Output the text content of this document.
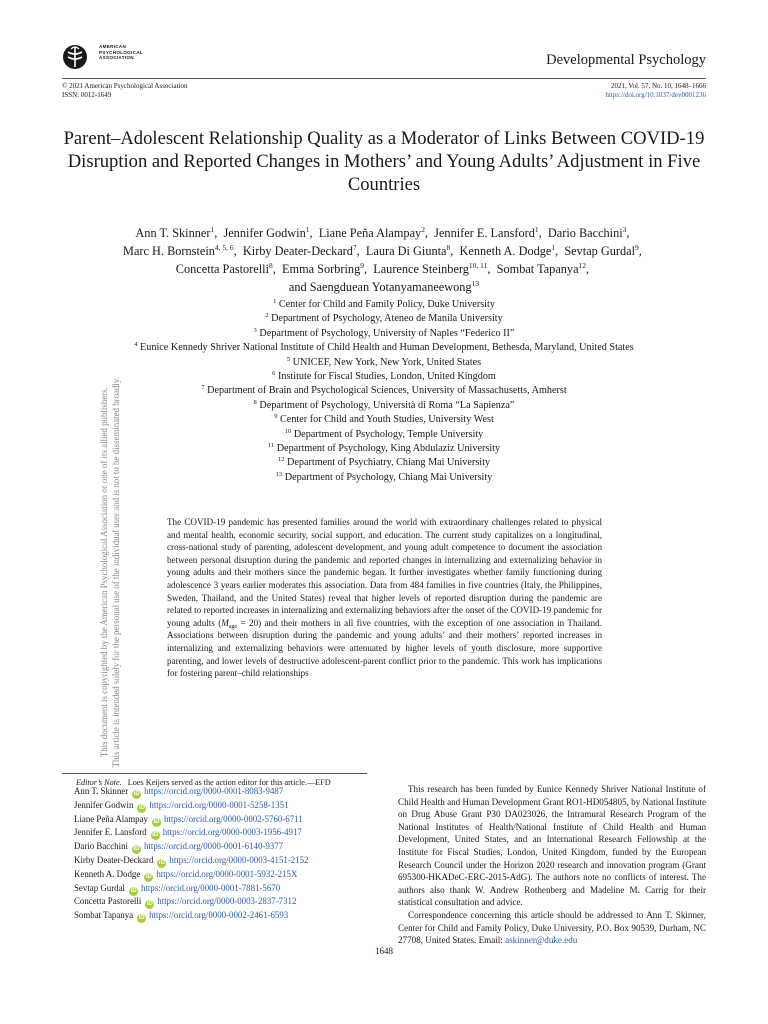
AMERICAN
PSYCHOLOGICAL
ASSOCIATION	Developmental Psychology
© 2021 American Psychological Association
ISSN: 0012-1649
2021, Vol. 57, No. 10, 1648–1666
https://doi.org/10.1037/dev0001236
Parent–Adolescent Relationship Quality as a Moderator of Links Between COVID-19 Disruption and Reported Changes in Mothers’ and Young Adults’ Adjustment in Five Countries
Ann T. Skinner$^1$,  Jennifer Godwin$^1$,  Liane Peña Alampay$^2$,  Jennifer E. Lansford$^1$,  Dario Bacchini$^3$,
Marc H. Bornstein$^{4, 5, 6}$,  Kirby Deater-Deckard$^7$,  Laura Di Giunta$^8$,  Kenneth A. Dodge$^1$,  Sevtap Gurdal$^9$,
Concetta Pastorelli$^8$,  Emma Sorbring$^9$,  Laurence Steinberg$^{10, 11}$,  Sombat Tapanya$^{12}$,
and Saengduean Yotanyamaneewong$^{13}$
$^1$ Center for Child and Family Policy, Duke University
$^2$ Department of Psychology, Ateneo de Manila University
$^3$ Department of Psychology, University of Naples “Federico II”
$^4$ Eunice Kennedy Shriver National Institute of Child Health and Human Development, Bethesda, Maryland, United States
$^5$ UNICEF, New York, New York, United States
$^6$ Institute for Fiscal Studies, London, United Kingdom
$^7$ Department of Brain and Psychological Sciences, University of Massachusetts, Amherst
$^8$ Department of Psychology, Università di Roma “La Sapienza”
$^9$ Center for Child and Youth Studies, University West
$^{10}$ Department of Psychology, Temple University
$^{11}$ Department of Psychology, King Abdulaziz University
$^{12}$ Department of Psychiatry, Chiang Mai University
$^{13}$ Department of Psychology, Chiang Mai University
The COVID-19 pandemic has presented families around the world with extraordinary challenges related to physical and mental health, economic security, social support, and education. The current study capitalizes on a longitudinal, cross-national study of parenting, adolescent development, and young adult competence to document the association between personal disruption during the pandemic and reported changes in internalizing and externalizing behavior in young adults and their mothers since the pandemic began. It further investigates whether family functioning during adolescence 3 years earlier moderates this association. Data from 484 families in five countries (Italy, the Philippines, Sweden, Thailand, and the United States) reveal that higher levels of reported disruption during the pandemic are related to reported increases in internalizing and externalizing behaviors after the onset of the COVID-19 pandemic for young adults $(M_{age} = 20)$ and their mothers in all five countries, with the exception of one association in Thailand. Associations between disruption during the pandemic and young adults’ and their mothers’ reported increases in internalizing and externalizing behaviors were attenuated by higher levels of youth disclosure, more supportive parenting, and lower levels of destructive adolescent-parent conflict prior to the pandemic. This work has implications for fostering parent–child relationships
This document is copyrighted by the American Psychological Association or one of its allied publishers. This article is intended solely for the personal use of the individual user and is not to be disseminated broadly.
Editor’s Note. Loes Keijers served as the action editor for this article.—EFD
Ann T. Skinner iD https://orcid.org/0000-0001-8083-9487
Jennifer Godwin iD https://orcid.org/0000-0001-5258-1351
Liane Peña Alampay iD https://orcid.org/0000-0002-5760-6711
Jennifer E. Lansford iD https://orcid.org/0000-0003-1956-4917
Dario Bacchini iD https://orcid.org/0000-0001-6140-9377
Kirby Deater-Deckard iD https://orcid.org/0000-0003-4151-2152
Kenneth A. Dodge iD https://orcid.org/0000-0001-5932-215X
Sevtap Gurdal iD https://orcid.org/0000-0001-7881-5670
Concetta Pastorelli iD https://orcid.org/0000-0003-2837-7312
Sombat Tapanya iD https://orcid.org/0000-0002-2461-6593

This research has been funded by Eunice Kennedy Shriver National Institute of Child Health and Human Development Grant RO1-HD054805, by National Institute on Drug Abuse Grant P30 DA023026, the Intramural Research Program of the National Institutes of Health/National Institute of Child Health and Human Development, United States, and an International Research Fellowship at the Institute for Fiscal Studies, London, United Kingdom, funded by the European Research Council under the Horizon 2020 research and innovation program (Grant 695300-HKADeC-ERC-2015-AdG). The authors note no conflicts of interest. The authors also thank W. Andrew Rothenberg and Madeline M. Carrig for their statistical consultation and advice.

Correspondence concerning this article should be addressed to Ann T. Skinner, Center for Child and Family Policy, Duke University, P.O. Box 90539, Durham, NC 27708, United States. Email: askinner@duke.edu

1648
